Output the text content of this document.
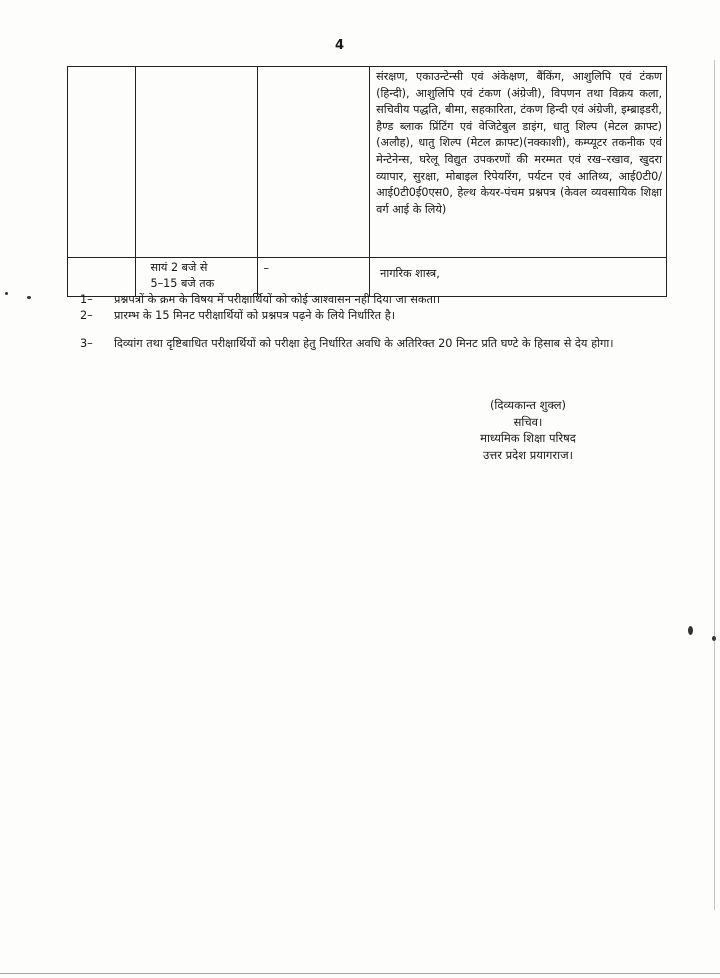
4
			संरक्षण, एकाउन्टेन्सी एवं अंकेक्षण, बैंकिंग, आशुलिपि एवं टंकण (हिन्दी), आशुलिपि एवं टंकण (अंग्रेजी), विपणन तथा विक्रय कला, सचिवीय पद्धति, बीमा, सहकारिता, टंकण हिन्दी एवं अंग्रेजी, इम्ब्राइडरी, हैण्ड ब्लाक प्रिंटिंग एवं वेजिटेबुल डाइंग, धातु शिल्प (मेटल क्राफ्ट)(अलौह), धातु शिल्प (मेटल क्राफ्ट)(नक्काशी), कम्प्यूटर तकनीक एवं मेन्टेनेन्स, घरेलू विद्युत उपकरणों की मरम्मत एवं रख–रखाव, खुदरा व्यापार, सुरक्षा, मोबाइल रिपेयरिंग, पर्यटन एवं आतिथ्य, आई0टी0/आई0टी0ई0एस0, हेल्थ केयर-पंचम प्रश्नपत्र (केवल व्यवसायिक शिक्षा वर्ग आई के लिये)

	सायं 2 बजे से
5–15 बजे तक	–	नागरिक शास्त्र,
1–	प्रश्नपत्रों के क्रम के विषय में परीक्षार्थियों को कोई आश्वासन नही दिया जा सकता।
2–	प्रारम्भ के 15 मिनट परीक्षार्थियों को प्रश्नपत्र पढ़ने के लिये निर्धारित है।
3–	दिव्यांग तथा दृष्टिबाधित परीक्षार्थियों को परीक्षा हेतु निर्धारित अवधि के अतिरिक्त 20 मिनट प्रति घण्टे के हिसाब से देय होगा।
(दिव्यकान्त शुक्ल)
सचिव।
माध्यमिक शिक्षा परिषद
उत्तर प्रदेश प्रयागराज।
